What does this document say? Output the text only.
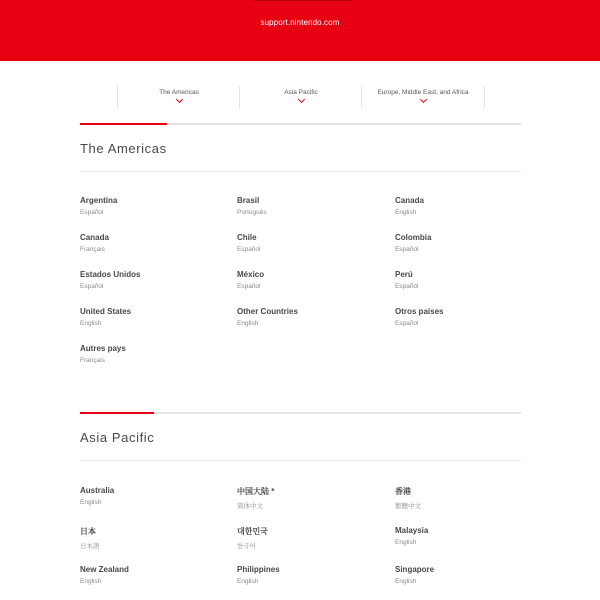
support.nintendo.com
The Americas	Asia Pacific	Europe, Middle East, and Africa
The Americas
Argentina
Español
Brasil
Português
Canada
English
Canada
Français
Chile
Español
Colombia
Español
Estados Unidos
Español
México
Español
Perú
Español
United States
English
Other Countries
English
Otros países
Español
Autres pays
Français
Asia Pacific
Australia
English
中国大陆 *
简体中文
香港
繁體中文
日本
日本語
대한민국
한국어
Malaysia
English
New Zealand
English
Philippines
English
Singapore
English
